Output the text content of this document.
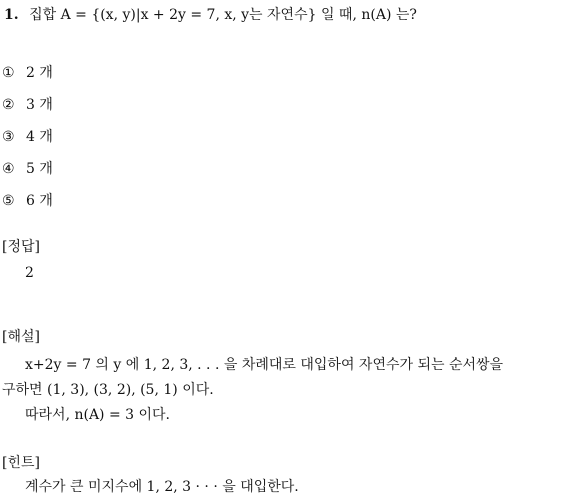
1. 집합 A = {(x, y)|x + 2y = 7, x, y는 자연수} 일 때, n(A) 는?
① 2 개
② 3 개
③ 4 개
④ 5 개
⑤ 6 개
[정답]
2
[해설]
x+2y = 7 의 y 에 1, 2, 3, . . . 을 차례대로 대입하여 자연수가 되는 순서쌍을
구하면 (1, 3), (3, 2), (5, 1) 이다.
따라서, n(A) = 3 이다.
[힌트]
계수가 큰 미지수에 1, 2, 3 · · · 을 대입한다.
